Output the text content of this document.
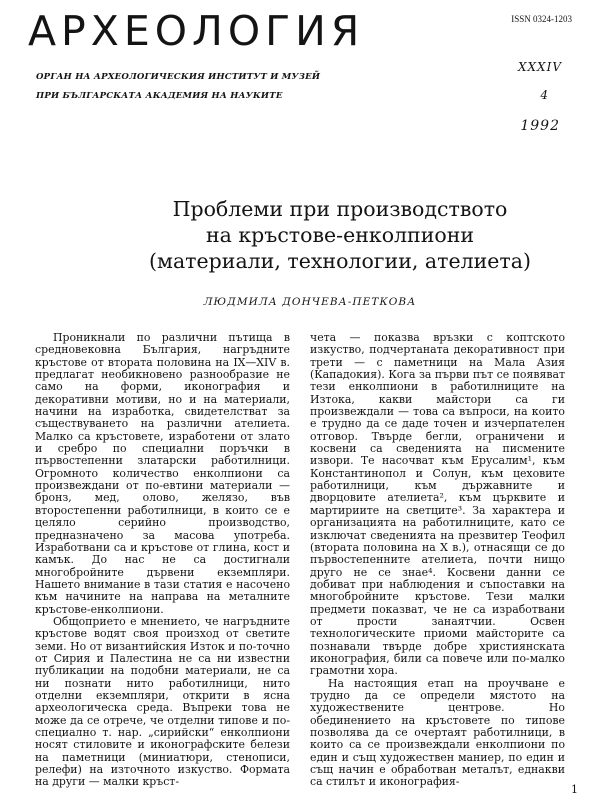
АРХЕОЛОГИЯ	ISSN 0324-1203
ОРГАН НА АРХЕОЛОГИЧЕСКИЯ ИНСТИТУТ И МУЗЕЙ
ПРИ БЪЛГАРСКАТА АКАДЕМИЯ НА НАУКИТЕ
XXXIV
4
1992
Проблеми при производството
на кръстове-енколпиони
(материали, технологии, ателиета)
ЛЮДМИЛА ДОНЧЕВА-ПЕТКОВА

Проникнали по различни пътища в средновековна България, нагръдните кръстове от втората половина на IX—XIV в. предлагат необикновено разнообразие не само на форми, иконография и декоративни мотиви, но и на материали, начини на изработка, свидетелстват за съществуването на различни ателиета. Малко са кръстовете, изработени от злато и сребро по специални поръчки в първостепенни златарски работилници. Огромното количество енколпиони са произвеждани от по-евтини материали — бронз, мед, олово, желязо, във второстепенни работилници, в които се е целяло серийно производство, предназначено за масова употреба. Изработвани са и кръстове от глина, кост и камък. До нас не са достигнали многобройните дървени екземпляри. Нашето внимание в тази статия е насочено към начините на направа на металните кръстове-енколпиони.

Общоприето е мнението, че нагръдните кръстове водят своя произход от светите земи. Но от византийския Изток и по-точно от Сирия и Палестина не са ни известни публикации на подобни материали, не са ни познати нито работилници, нито отделни екземпляри, открити в ясна археологическа среда. Въпреки това не може да се отрече, че отделни типове и по-специално т. нар. „сирийски“ енколпиони носят стиловите и иконографските белези на паметници (миниатюри, стенописи, релефи) на източното изкуство. Формата на други — малки кръст-

чета — показва връзки с коптското изкуство, подчертаната декоративност при трети — с паметници на Мала Азия (Кападокия). Кога за първи път се появяват тези енколпиони в работилниците на Изтока, какви майстори са ги произвеждали — това са въпроси, на които е трудно да се даде точен и изчерпателен отговор. Твърде бегли, ограничени и косвени са сведенията на писмените извори. Те насочват към Ерусалим¹, към Константинопол и Солун, към цеховите работилници, към държавните и дворцовите ателиета², към църквите и мартириите на светците³. За характера и организацията на работилниците, като се изключат сведенията на презвитер Теофил (втората половина на X в.), отнасящи се до първостепенните ателиета, почти нищо друго не се знае⁴. Косвени данни се добиват при наблюдения и съпоставки на многобройните кръстове. Тези малки предмети показват, че не са изработвани от прости занаятчии. Освен технологическите приоми майсторите са познавали твърде добре християнската иконография, били са повече или по-малко грамотни хора.

На настоящия етап на проучване е трудно да се определи мястото на художествените центрове. Но обединението на кръстовете по типове позволява да се очертаят работилници, в които са се произвеждали енколпиони по един и същ художествен маниер, по един и същ начин е обработван металът, еднакви са стилът и иконография-

1
